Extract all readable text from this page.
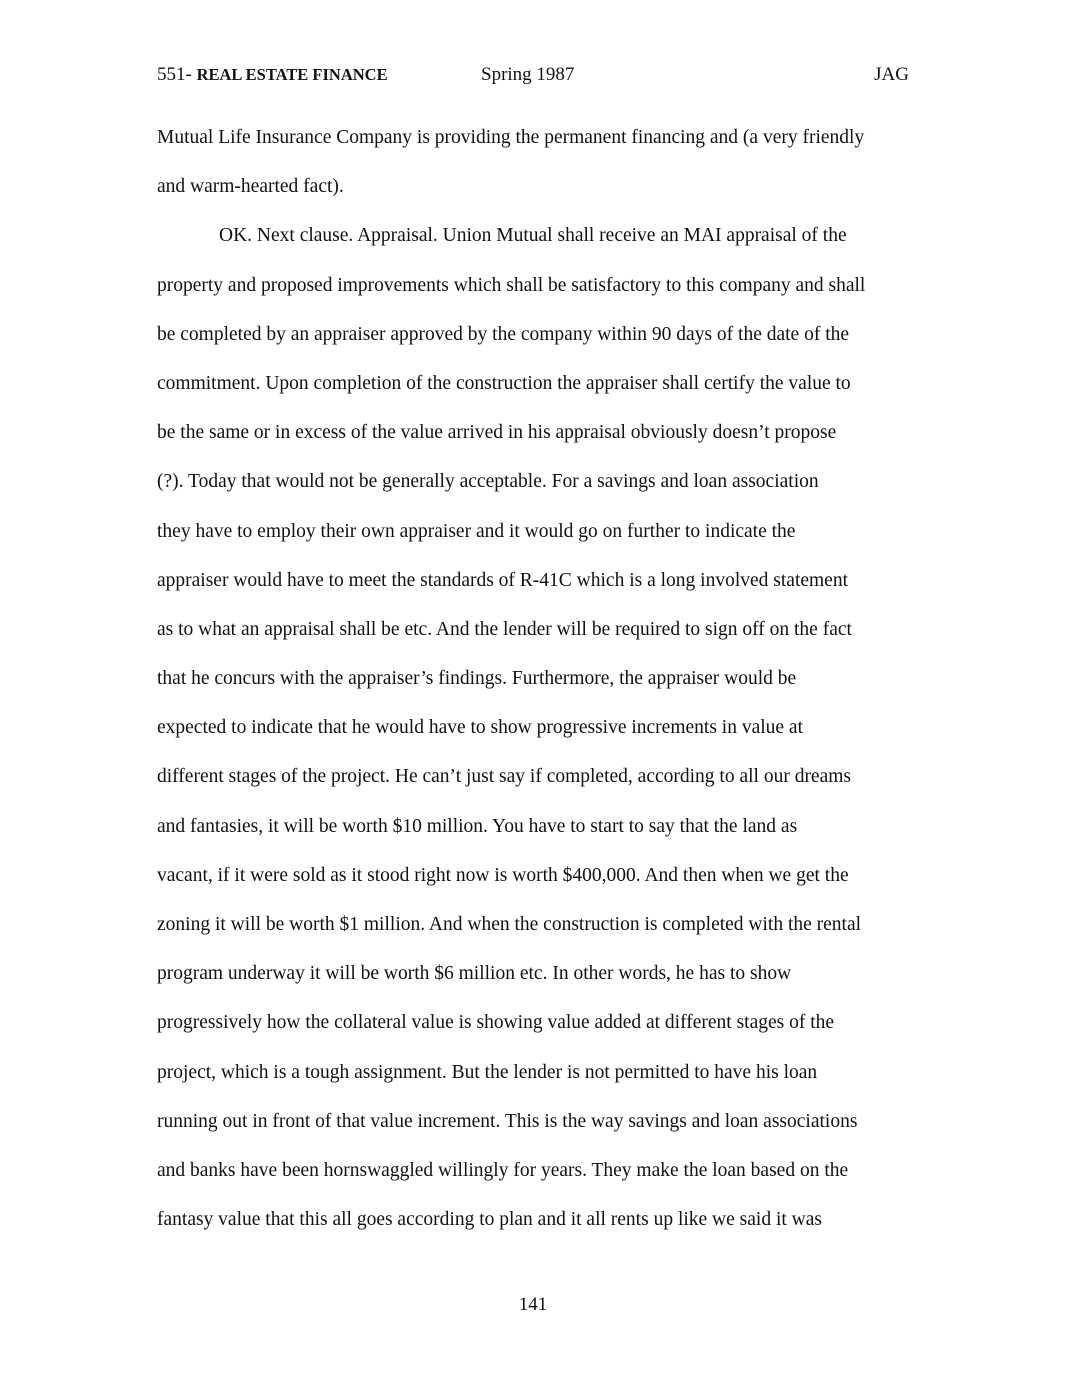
551- REAL ESTATE FINANCE	Spring 1987	JAG
Mutual Life Insurance Company is providing the permanent financing and (a very friendly
and warm-hearted fact).
OK. Next clause. Appraisal. Union Mutual shall receive an MAI appraisal of the
property and proposed improvements which shall be satisfactory to this company and shall
be completed by an appraiser approved by the company within 90 days of the date of the
commitment. Upon completion of the construction the appraiser shall certify the value to
be the same or in excess of the value arrived in his appraisal obviously doesn’t propose
(?). Today that would not be generally acceptable. For a savings and loan association
they have to employ their own appraiser and it would go on further to indicate the
appraiser would have to meet the standards of R-41C which is a long involved statement
as to what an appraisal shall be etc. And the lender will be required to sign off on the fact
that he concurs with the appraiser’s findings. Furthermore, the appraiser would be
expected to indicate that he would have to show progressive increments in value at
different stages of the project. He can’t just say if completed, according to all our dreams
and fantasies, it will be worth $10 million. You have to start to say that the land as
vacant, if it were sold as it stood right now is worth $400,000. And then when we get the
zoning it will be worth $1 million. And when the construction is completed with the rental
program underway it will be worth $6 million etc. In other words, he has to show
progressively how the collateral value is showing value added at different stages of the
project, which is a tough assignment. But the lender is not permitted to have his loan
running out in front of that value increment. This is the way savings and loan associations
and banks have been hornswaggled willingly for years. They make the loan based on the
fantasy value that this all goes according to plan and it all rents up like we said it was
141
